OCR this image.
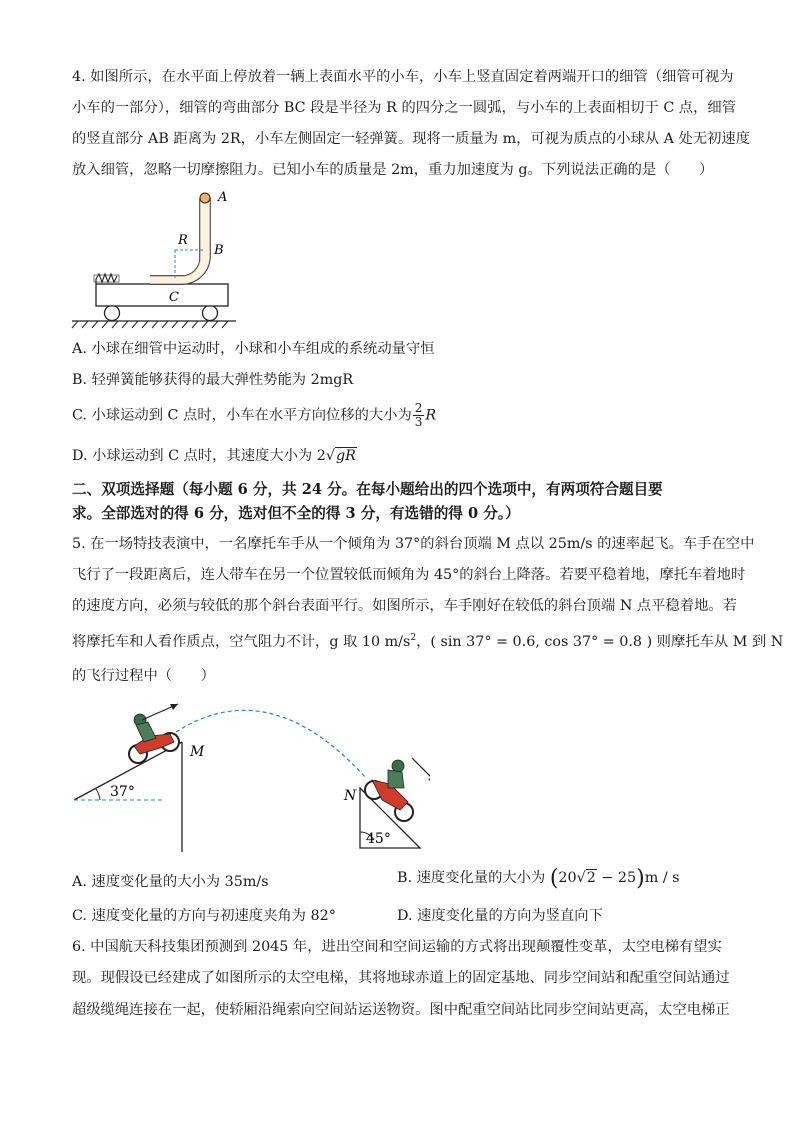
4. 如图所示，在水平面上停放着一辆上表面水平的小车，小车上竖直固定着两端开口的细管（细管可视为
小车的一部分），细管的弯曲部分 BC 段是半径为 R 的四分之一圆弧，与小车的上表面相切于 C 点，细管
的竖直部分 AB 距离为 2R，小车左侧固定一轻弹簧。现将一质量为 m，可视为质点的小球从 A 处无初速度
放入细管，忽略一切摩擦阻力。已知小车的质量是 2m，重力加速度为 g。下列说法正确的是（　　）
A
B
R
C
A. 小球在细管中运动时，小球和小车组成的系统动量守恒
B. 轻弹簧能够获得的最大弹性势能为 2mgR
C. 小球运动到 C 点时，小车在水平方向位移的大小为 $\frac{2}{3}$ R
D. 小球运动到 C 点时，其速度大小为 2√gR
二、双项选择题（每小题 6 分，共 24 分。在每小题给出的四个选项中，有两项符合题目要
求。全部选对的得 6 分，选对但不全的得 3 分，有选错的得 0 分。）
5. 在一场特技表演中，一名摩托车手从一个倾角为 37°的斜台顶端 M 点以 25m/s 的速率起飞。车手在空中
飞行了一段距离后，连人带车在另一个位置较低而倾角为 45°的斜台上降落。若要平稳着地，摩托车着地时
的速度方向，必须与较低的那个斜台表面平行。如图所示，车手刚好在较低的斜台顶端 N 点平稳着地。若
将摩托车和人看作质点，空气阻力不计，g 取 10 $m/s^2$，( sin 37° = 0.6, cos 37° = 0.8 ) 则摩托车从 M 到 N
的飞行过程中（　　）
37°
M
45°
N
A. 速度变化量的大小为 35m/s	B. 速度变化量的大小为 (20√2 − 25)m / s
C. 速度变化量的方向与初速度夹角为 82°	D. 速度变化量的方向为竖直向下
6. 中国航天科技集团预测到 2045 年，进出空间和空间运输的方式将出现颠覆性变革，太空电梯有望实
现。现假设已经建成了如图所示的太空电梯，其将地球赤道上的固定基地、同步空间站和配重空间站通过
超级缆绳连接在一起，使轿厢沿绳索向空间站运送物资。图中配重空间站比同步空间站更高，太空电梯正
